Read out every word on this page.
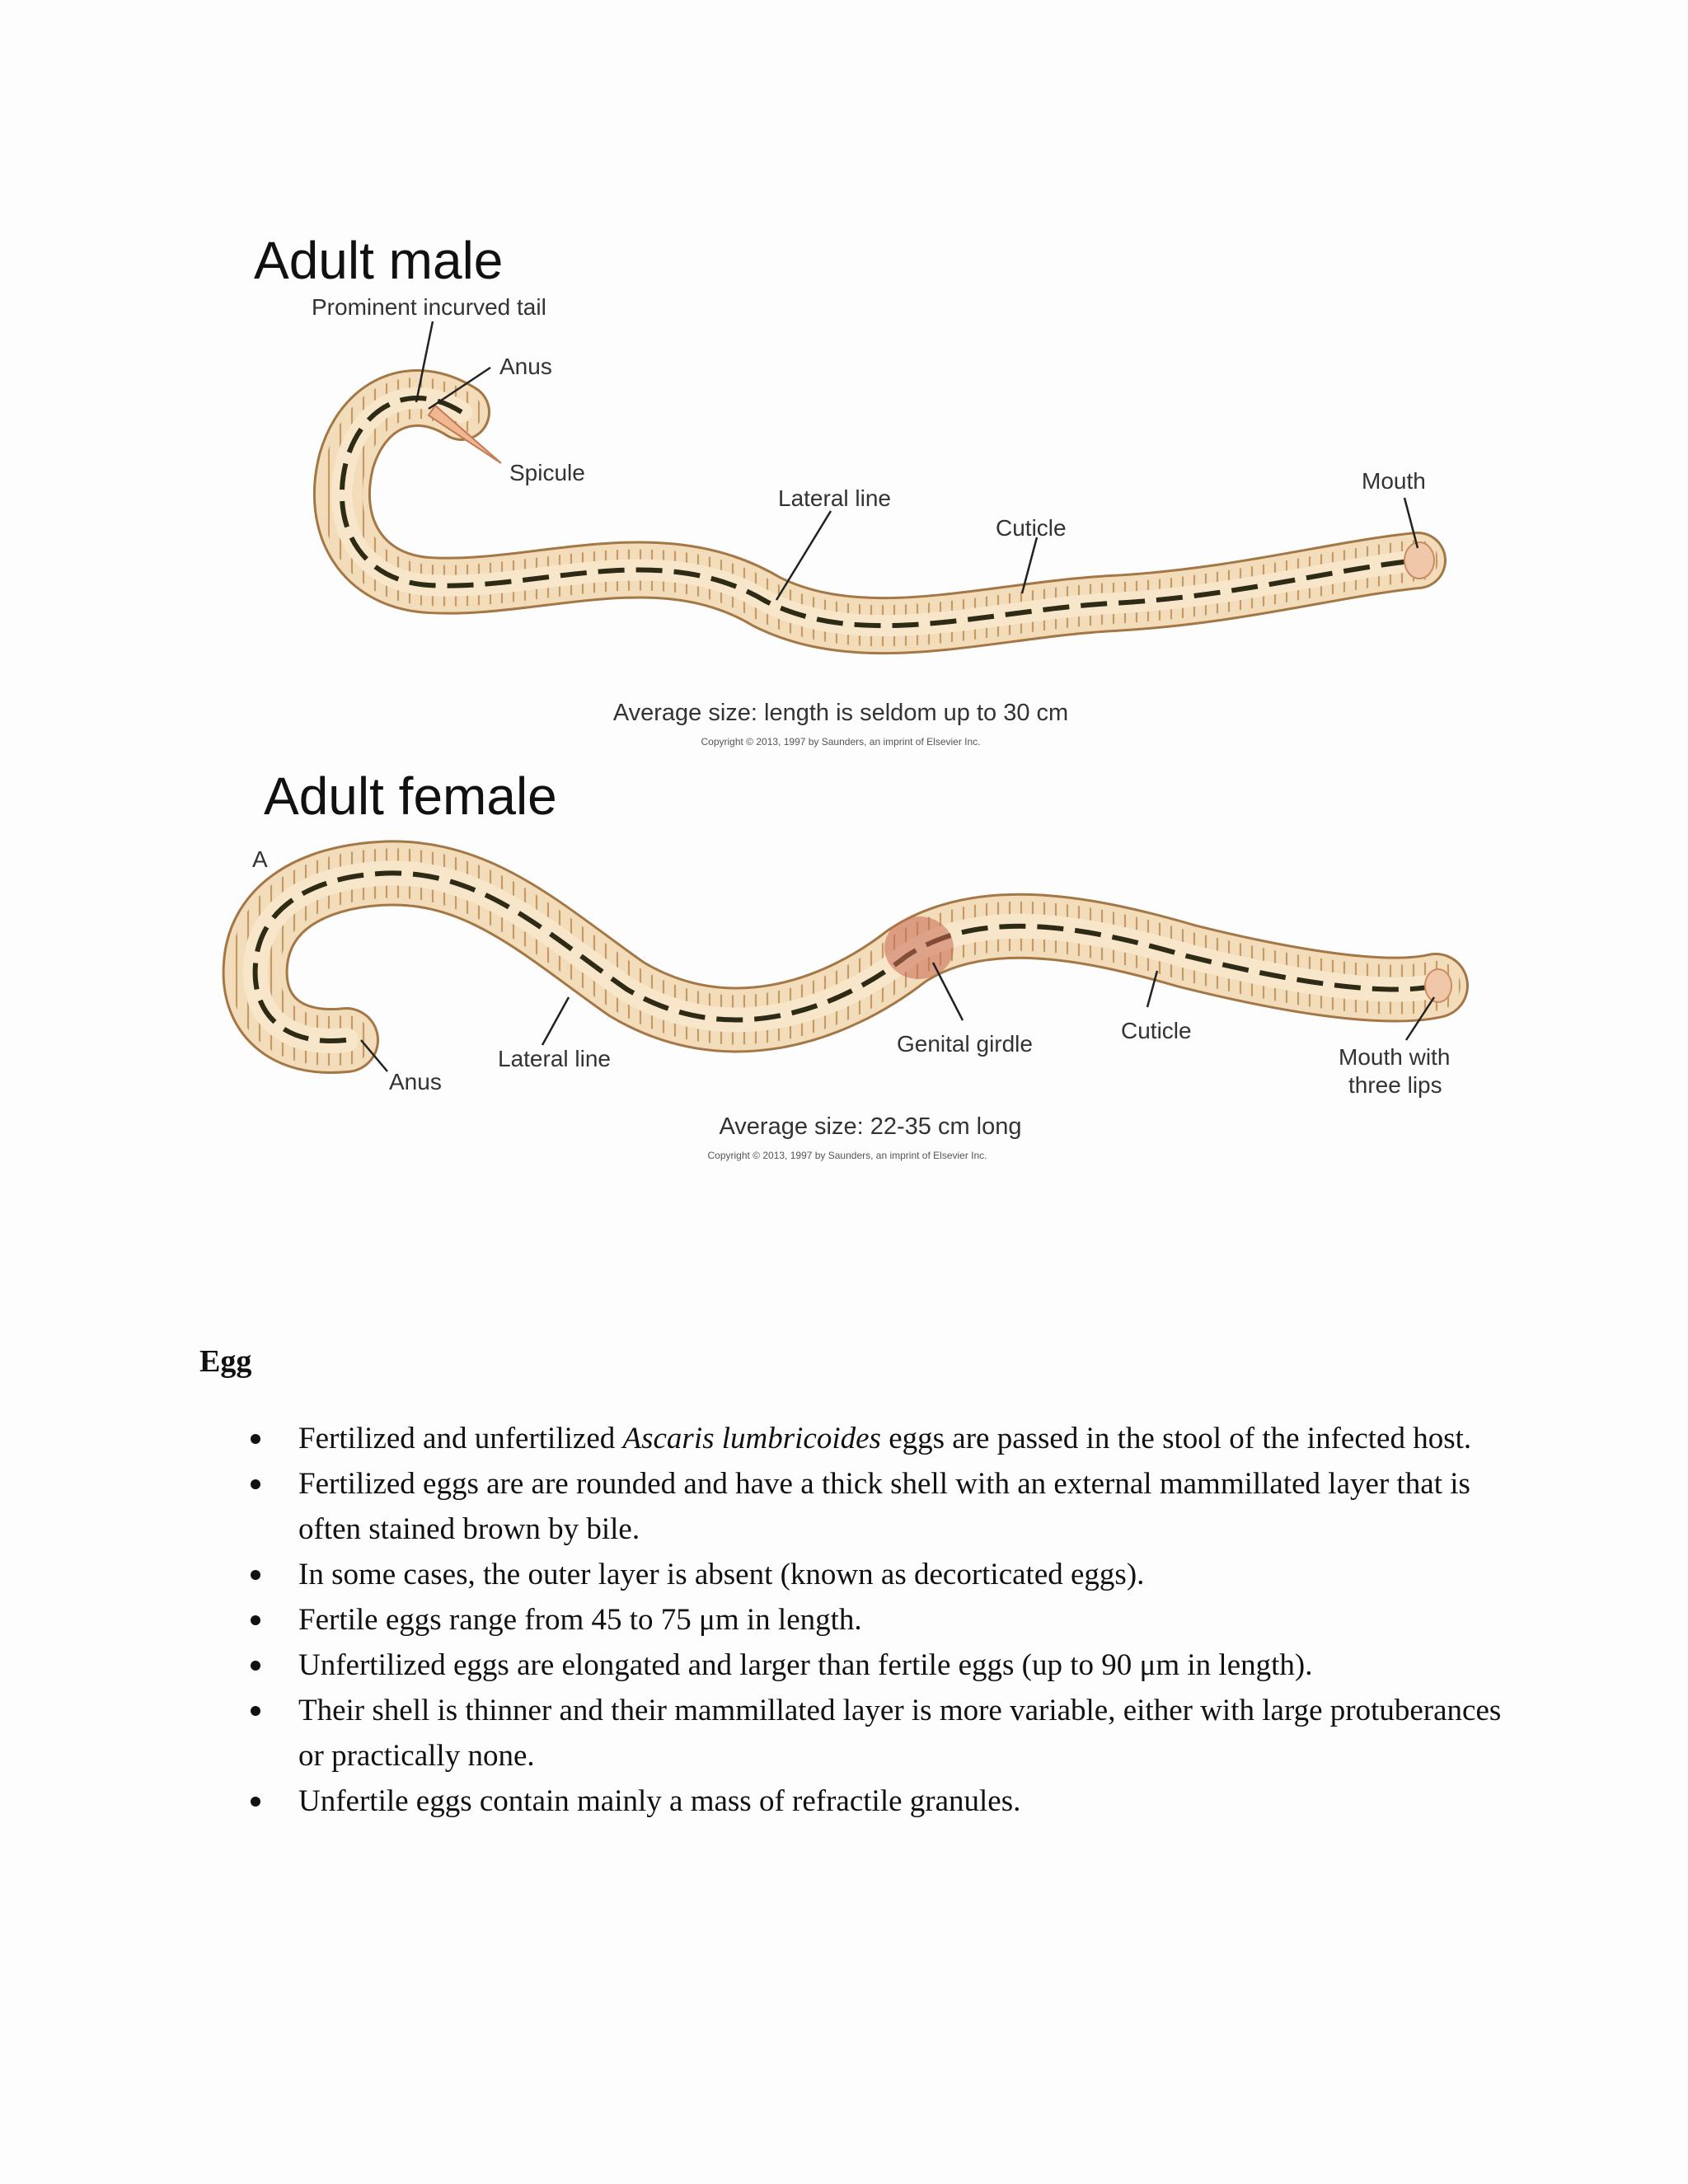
Adult male
Prominent incurved tail
Anus
Spicule
Lateral line
Cuticle
Mouth
Average size: length is seldom up to 30 cm
Copyright © 2013, 1997 by Saunders, an imprint of Elsevier Inc.
Adult female
A
Anus
Lateral line
Genital girdle
Cuticle
Mouth with
three lips
Average size: 22-35 cm long
Copyright © 2013, 1997 by Saunders, an imprint of Elsevier Inc.
Egg
Fertilized and unfertilized Ascaris lumbricoides eggs are passed in the stool of the infected host.
Fertilized eggs are are rounded and have a thick shell with an external mammillated layer that is often stained brown by bile.
In some cases, the outer layer is absent (known as decorticated eggs).
Fertile eggs range from 45 to 75 μm in length.
Unfertilized eggs are elongated and larger than fertile eggs (up to 90 μm in length).
Their shell is thinner and their mammillated layer is more variable, either with large protuberances or practically none.
Unfertile eggs contain mainly a mass of refractile granules.
